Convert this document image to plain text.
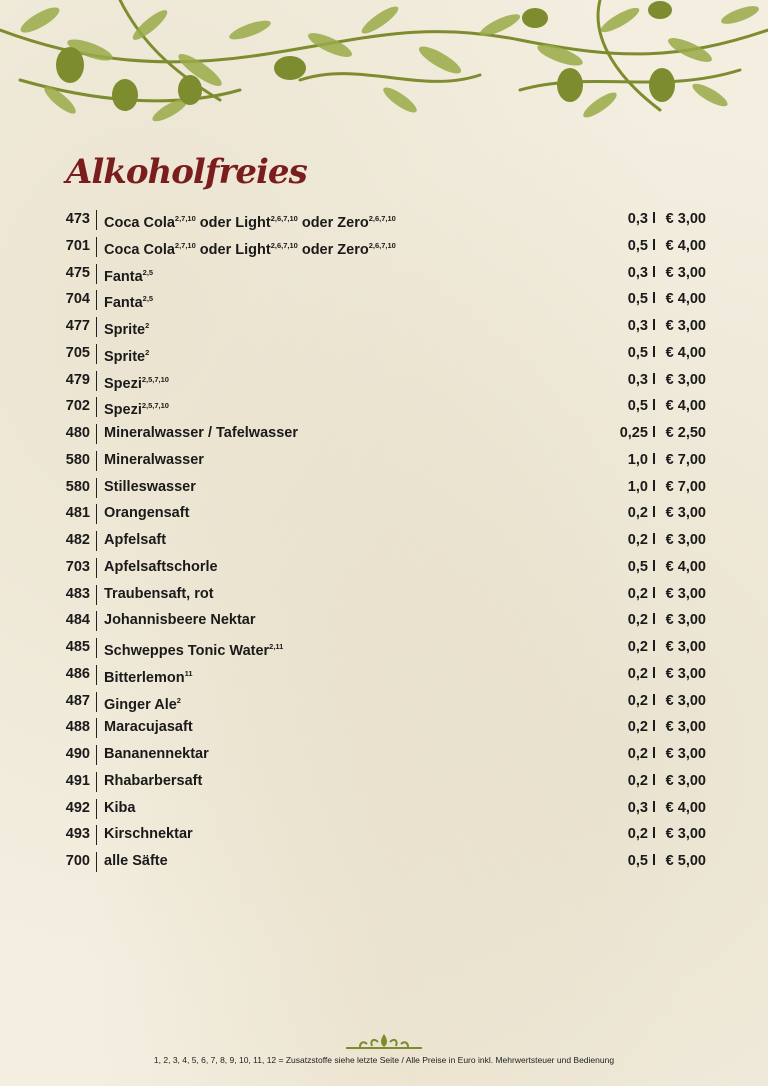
Alkoholfreies
473 Coca Cola$^{2,7,10}$ oder Light$^{2,6,7,10}$ oder Zero$^{2,6,7,10}$	0,3 l € 3,00
701 Coca Cola$^{2,7,10}$ oder Light$^{2,6,7,10}$ oder Zero$^{2,6,7,10}$	0,5 l € 4,00
475 Fanta$^{2,5}$	0,3 l € 3,00
704 Fanta$^{2,5}$	0,5 l € 4,00
477 Sprite$^2$	0,3 l € 3,00
705 Sprite$^2$	0,5 l € 4,00
479 Spezi$^{2,5,7,10}$	0,3 l € 3,00
702 Spezi$^{2,5,7,10}$	0,5 l € 4,00
480 Mineralwasser / Tafelwasser	0,25 l € 2,50
580 Mineralwasser	1,0 l € 7,00
580 Stilleswasser	1,0 l € 7,00
481 Orangensaft	0,2 l € 3,00
482 Apfelsaft	0,2 l € 3,00
703 Apfelsaftschorle	0,5 l € 4,00
483 Traubensaft, rot	0,2 l € 3,00
484 Johannisbeere Nektar	0,2 l € 3,00
485 Schweppes Tonic Water$^{2,11}$	0,2 l € 3,00
486 Bitterlemon$^{11}$	0,2 l € 3,00
487 Ginger Ale$^2$	0,2 l € 3,00
488 Maracujasaft	0,2 l € 3,00
490 Bananennektar	0,2 l € 3,00
491 Rhabarbersaft	0,2 l € 3,00
492 Kiba	0,3 l € 4,00
493 Kirschnektar	0,2 l € 3,00
700 alle Säfte	0,5 l € 5,00
1, 2, 3, 4, 5, 6, 7, 8, 9, 10, 11, 12 = Zusatzstoffe siehe letzte Seite / Alle Preise in Euro inkl. Mehrwertsteuer und Bedienung
